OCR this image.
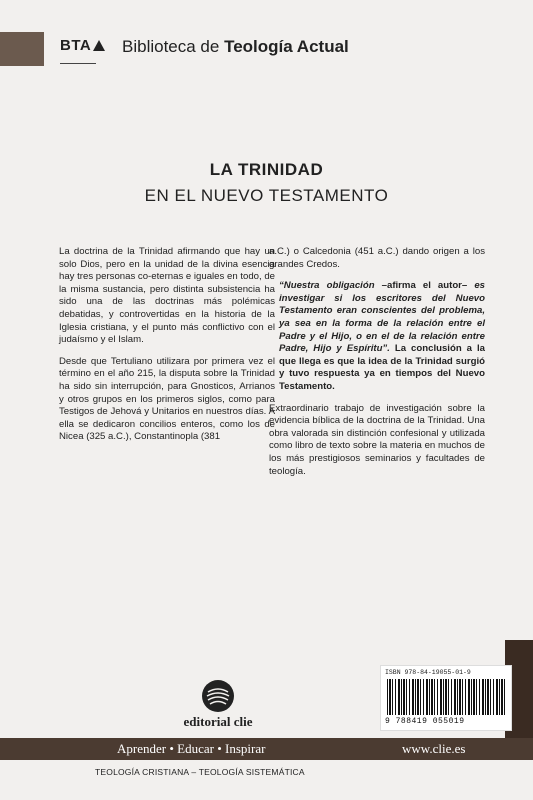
BTA	Biblioteca de Teología Actual
LA TRINIDAD
EN EL NUEVO TESTAMENTO

La doctrina de la Trinidad afirmando que hay un solo Dios, pero en la unidad de la divina esencia hay tres personas co-eternas e iguales en todo, de la misma sustancia, pero distinta subsistencia ha sido una de las doctrinas más polémicas debatidas, y controvertidas en la historia de la Iglesia cristiana, y el punto más conflictivo con el judaísmo y el Islam.

Desde que Tertuliano utilizara por primera vez el término en el año 215, la disputa sobre la Trinidad ha sido sin interrupción, para Gnosticos, Arrianos y otros grupos en los primeros siglos, como para Testigos de Jehová y Unitarios en nuestros días. A ella se dedicaron concilios enteros, como los de Nicea (325 a.C.), Constantinopla (381

a.C.) o Calcedonia (451 a.C.) dando origen a los grandes Credos.

“Nuestra obligación –afirma el autor– es investigar si los escritores del Nuevo Testamento eran conscientes del problema, ya sea en la forma de la relación entre el Padre y el Hijo, o en el de la relación entre Padre, Hijo y Espíritu”. La conclusión a la que llega es que la idea de la Trinidad surgió y tuvo respuesta ya en tiempos del Nuevo Testamento.

Extraordinario trabajo de investigación sobre la evidencia bíblica de la doctrina de la Trinidad. Una obra valorada sin distinción confesional y utilizada como libro de texto sobre la materia en muchos de los más prestigiosos seminarios y facultades de teología.

editorial clie
ISBN 978-84-19055-01-9
9 788419 055019
Aprender • Educar • Inspirar	www.clie.es
TEOLOGÍA CRISTIANA – TEOLOGÍA SISTEMÁTICA
